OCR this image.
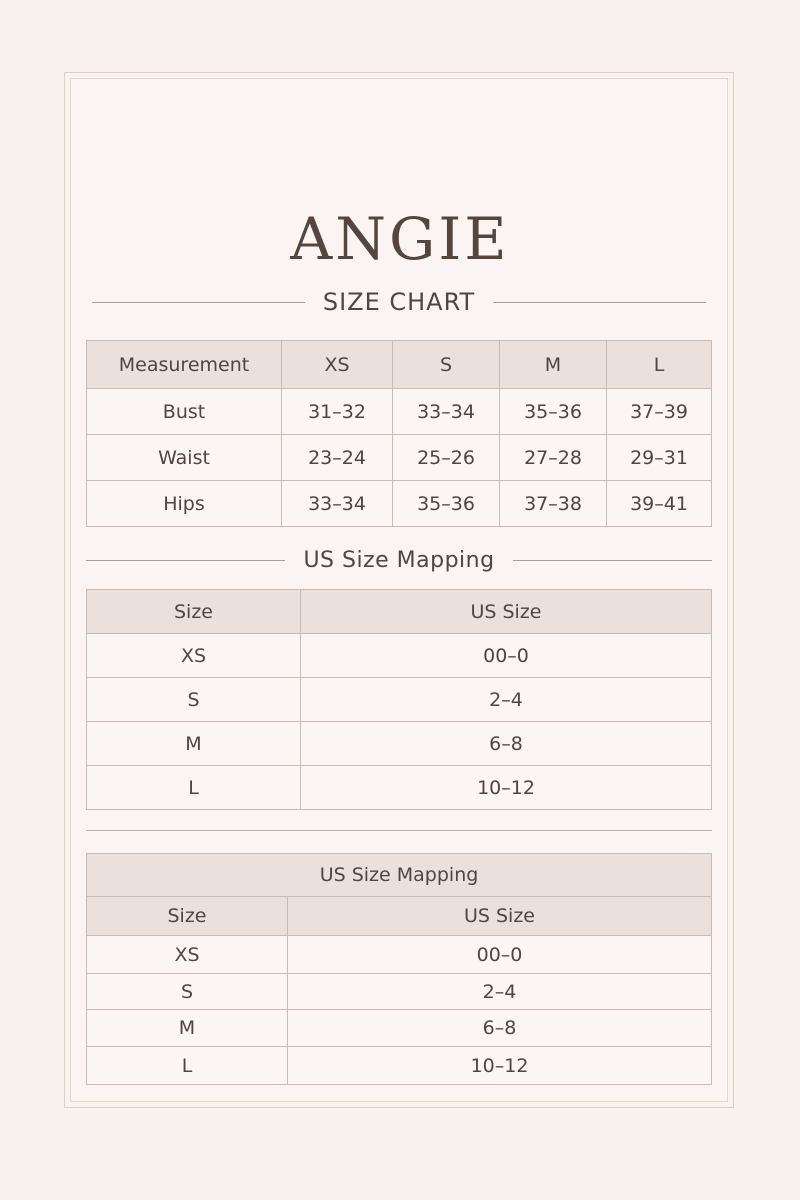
ANGIE
SIZE CHART
Measurement	XS	S	M	L
Bust	31–32	33–34	35–36	37–39
Waist	23–24	25–26	27–28	29–31
Hips	33–34	35–36	37–38	39–41
US Size Mapping
Size	US Size
XS	00–0
S	2–4
M	6–8
L	10–12
US Size Mapping	
Size	US Size
XS	00–0
S	2–4
M	6–8
L	10–12
